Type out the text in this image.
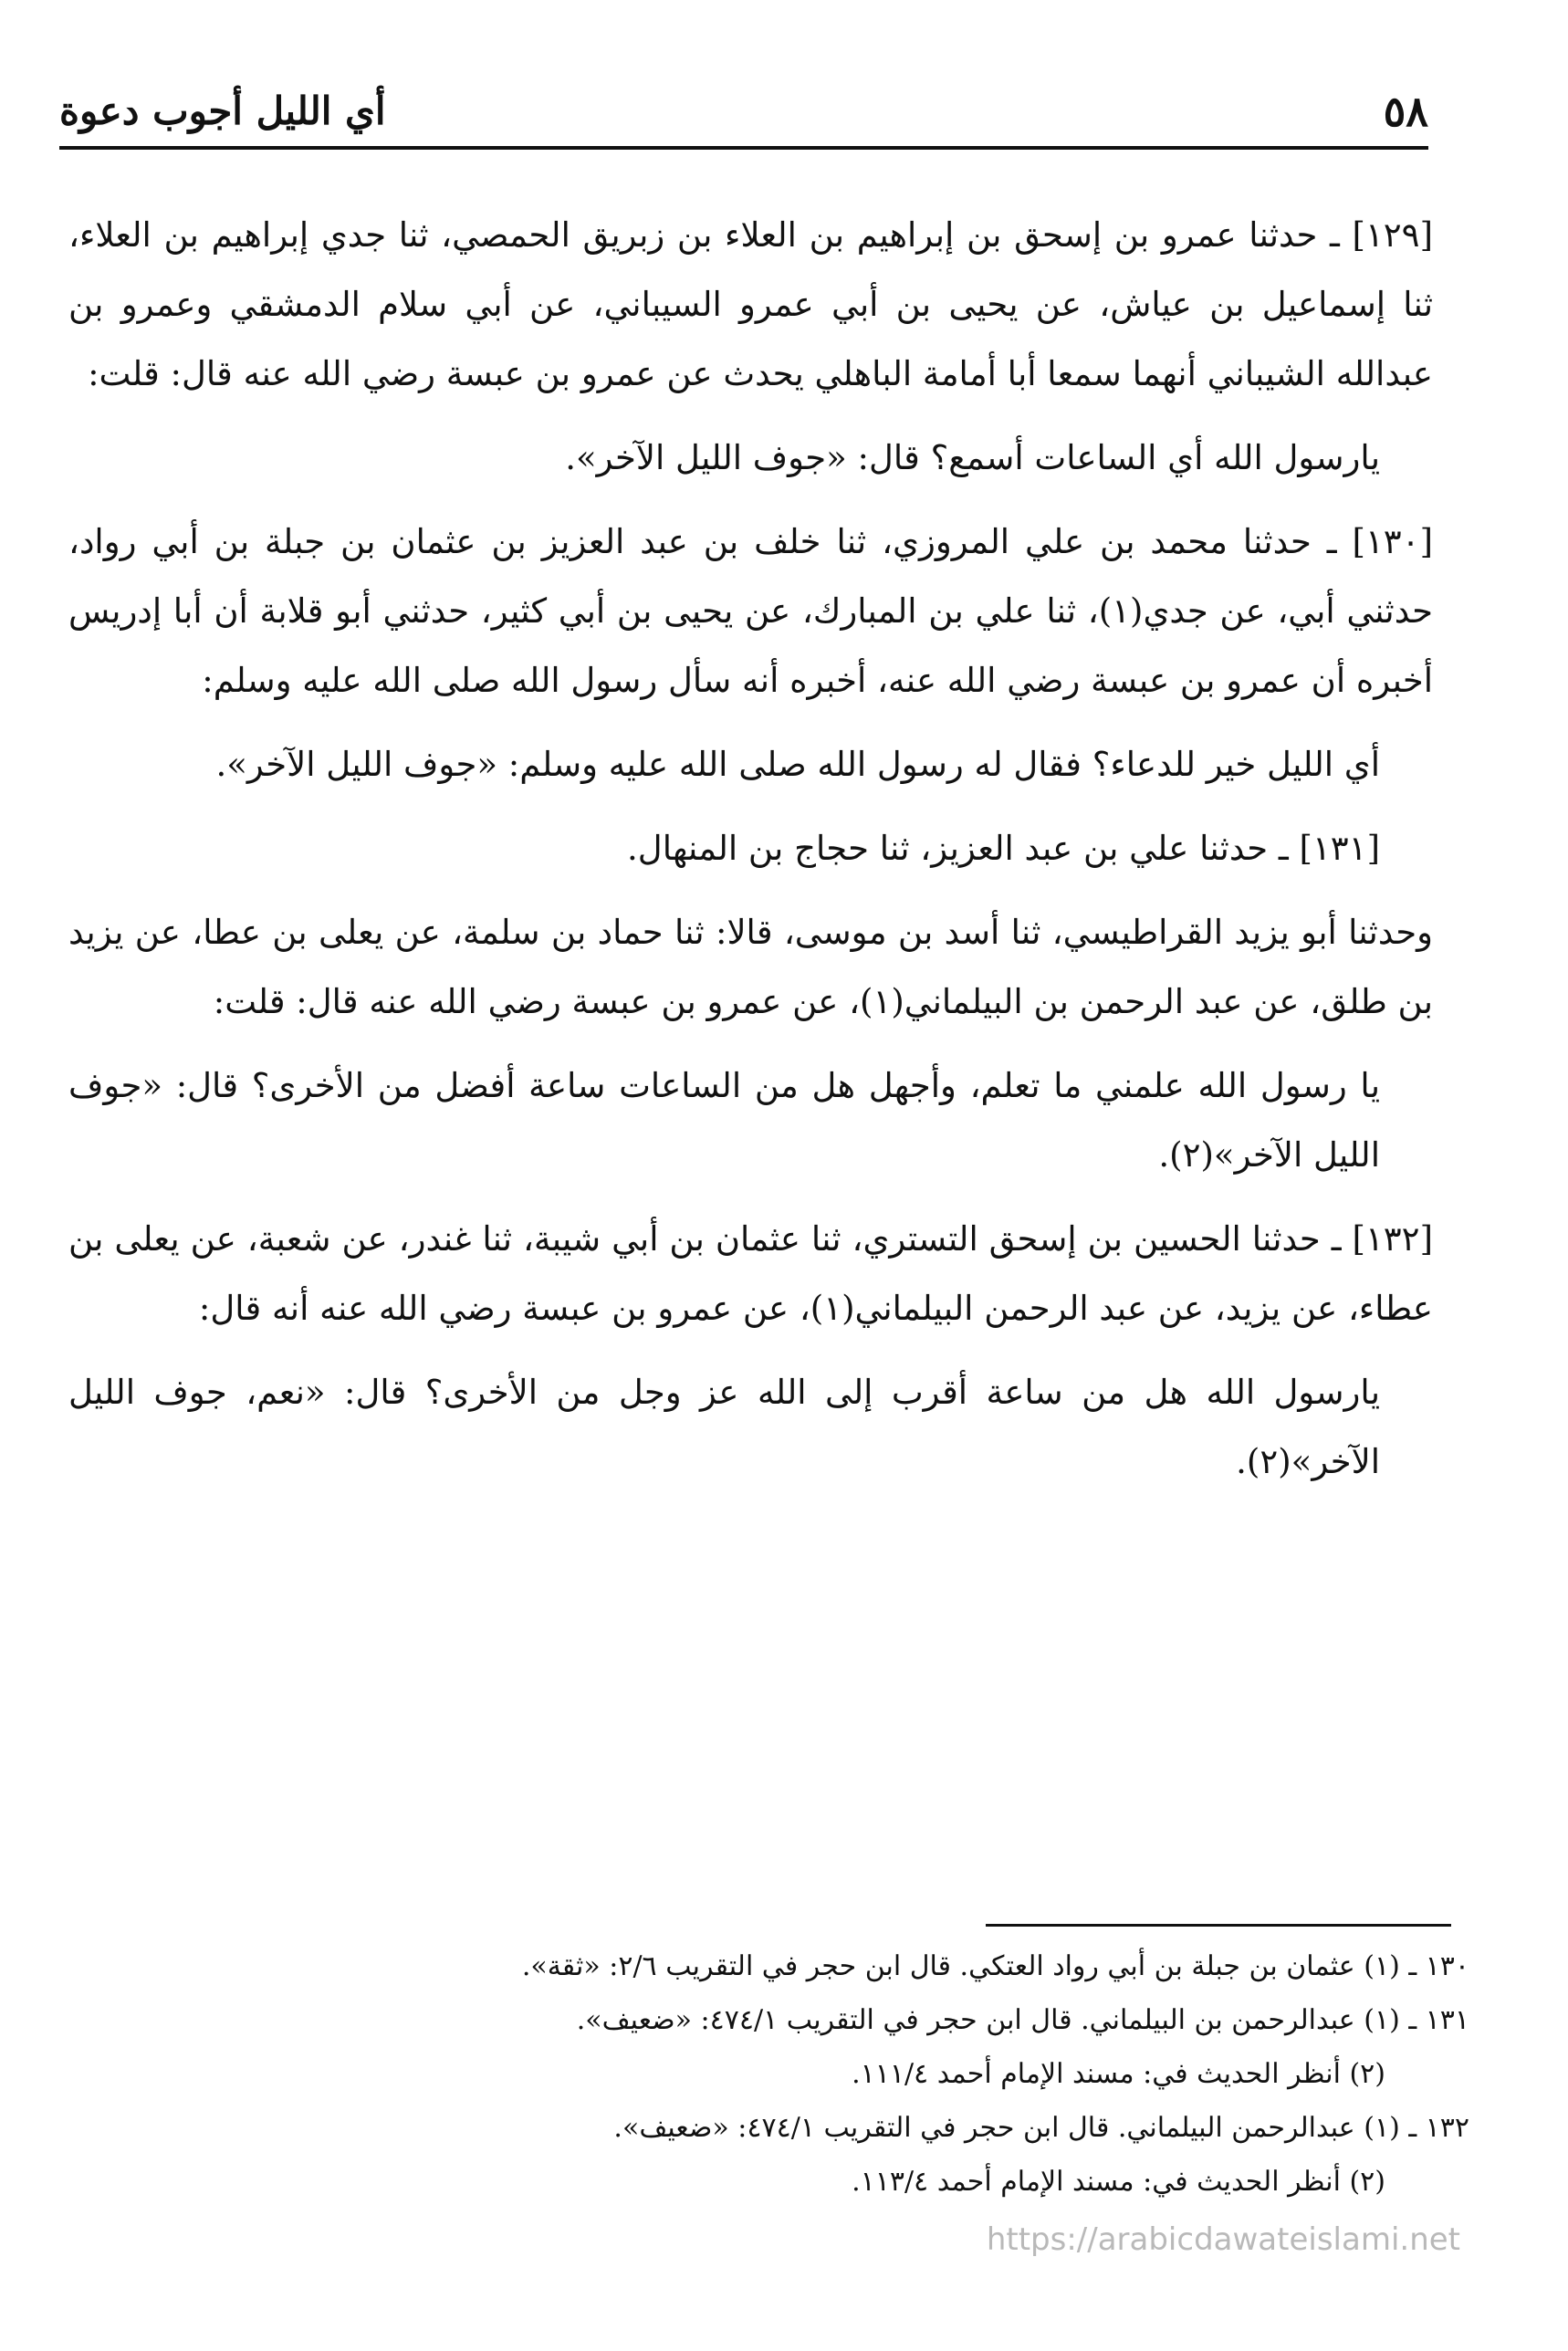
٥٨
أي الليل أجوب دعوة

[١٢٩] ـ حدثنا عمرو بن إسحق بن إبراهيم بن العلاء بن زبريق الحمصي، ثنا جدي إبراهيم بن العلاء، ثنا إسماعيل بن عياش، عن يحيى بن أبي عمرو السيباني، عن أبي سلام الدمشقي وعمرو بن عبدالله الشيباني أنهما سمعا أبا أمامة الباهلي يحدث عن عمرو بن عبسة رضي الله عنه قال: قلت:

يارسول الله أي الساعات أسمع؟ قال: «جوف الليل الآخر».

[١٣٠] ـ حدثنا محمد بن علي المروزي، ثنا خلف بن عبد العزيز بن عثمان بن جبلة بن أبي رواد، حدثني أبي، عن جدي(١)، ثنا علي بن المبارك، عن يحيى بن أبي كثير، حدثني أبو قلابة أن أبا إدريس أخبره أن عمرو بن عبسة رضي الله عنه، أخبره أنه سأل رسول الله صلى الله عليه وسلم:

أي الليل خير للدعاء؟ فقال له رسول الله صلى الله عليه وسلم: «جوف الليل الآخر».

[١٣١] ـ حدثنا علي بن عبد العزيز، ثنا حجاج بن المنهال.

وحدثنا أبو يزيد القراطيسي، ثنا أسد بن موسى، قالا: ثنا حماد بن سلمة، عن يعلى بن عطا، عن يزيد بن طلق، عن عبد الرحمن بن البيلماني(١)، عن عمرو بن عبسة رضي الله عنه قال: قلت:

يا رسول الله علمني ما تعلم، وأجهل هل من الساعات ساعة أفضل من الأخرى؟ قال: «جوف الليل الآخر»(٢).

[١٣٢] ـ حدثنا الحسين بن إسحق التستري، ثنا عثمان بن أبي شيبة، ثنا غندر، عن شعبة، عن يعلى بن عطاء، عن يزيد، عن عبد الرحمن البيلماني(١)، عن عمرو بن عبسة رضي الله عنه أنه قال:

يارسول الله هل من ساعة أقرب إلى الله عز وجل من الأخرى؟ قال: «نعم، جوف الليل الآخر»(٢).

١٣٠ ـ (١) عثمان بن جبلة بن أبي رواد العتكي. قال ابن حجر في التقريب ٢/٦: «ثقة».

١٣١ ـ (١) عبدالرحمن بن البيلماني. قال ابن حجر في التقريب ٤٧٤/١: «ضعيف».

(٢) أنظر الحديث في: مسند الإمام أحمد ١١١/٤.

١٣٢ ـ (١) عبدالرحمن البيلماني. قال ابن حجر في التقريب ٤٧٤/١: «ضعيف».

(٢) أنظر الحديث في: مسند الإمام أحمد ١١٣/٤.

https://arabicdawateislami.net
